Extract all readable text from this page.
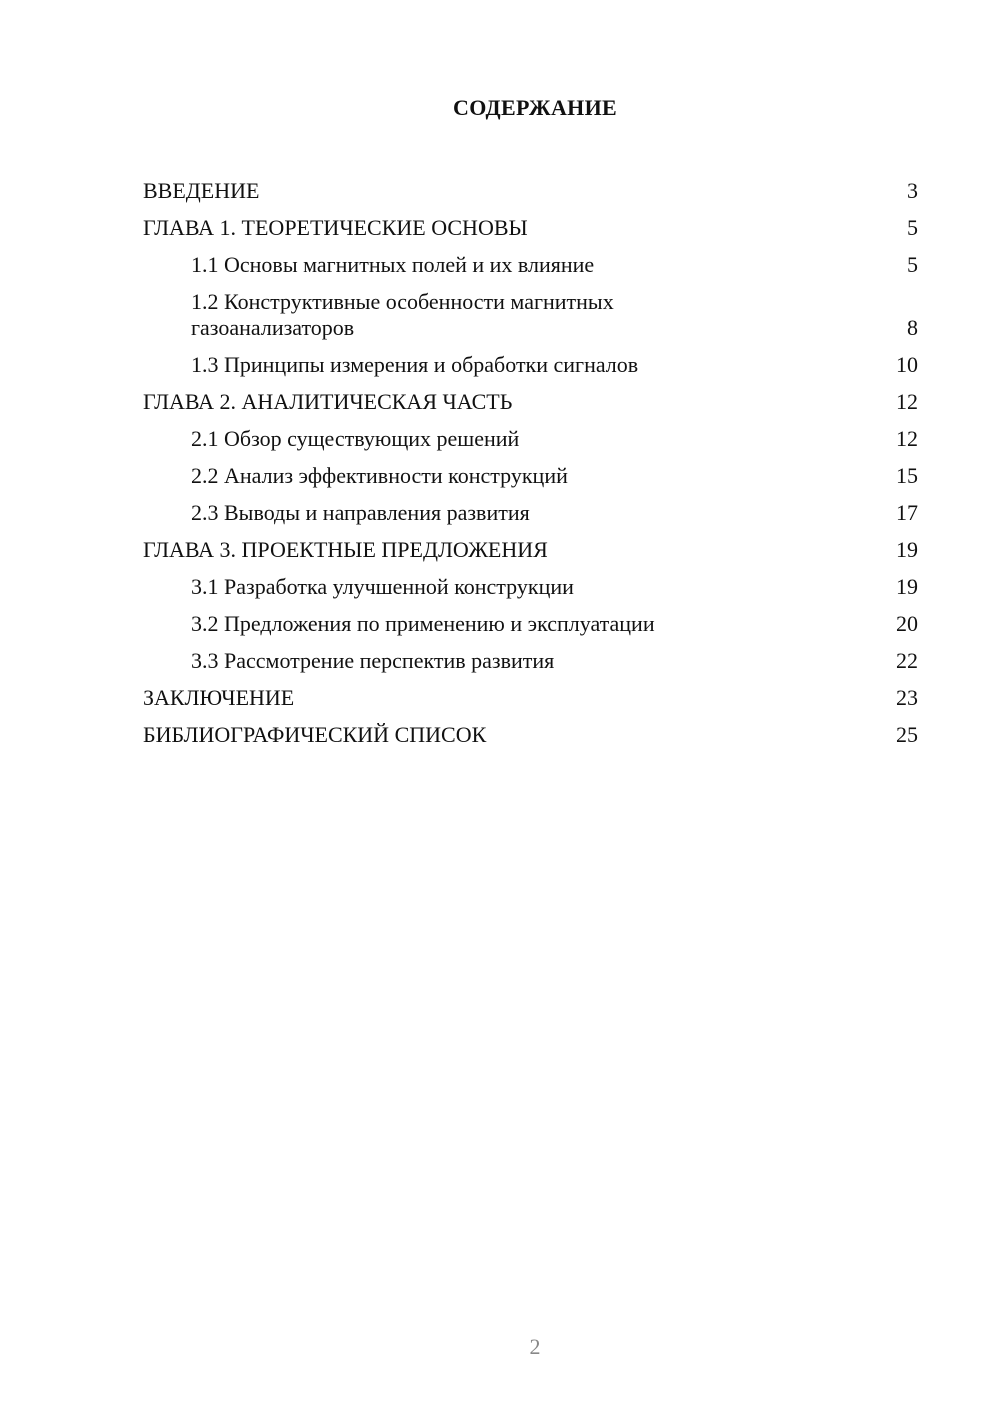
СОДЕРЖАНИЕ
ВВЕДЕНИЕ	3
ГЛАВА 1. ТЕОРЕТИЧЕСКИЕ ОСНОВЫ	5
1.1 Основы магнитных полей и их влияние	5
1.2 Конструктивные особенности магнитных газоанализаторов	8
1.3 Принципы измерения и обработки сигналов	10
ГЛАВА 2. АНАЛИТИЧЕСКАЯ ЧАСТЬ	12
2.1 Обзор существующих решений	12
2.2 Анализ эффективности конструкций	15
2.3 Выводы и направления развития	17
ГЛАВА 3. ПРОЕКТНЫЕ ПРЕДЛОЖЕНИЯ	19
3.1 Разработка улучшенной конструкции	19
3.2 Предложения по применению и эксплуатации	20
3.3 Рассмотрение перспектив развития	22
ЗАКЛЮЧЕНИЕ	23
БИБЛИОГРАФИЧЕСКИЙ СПИСОК	25
2
